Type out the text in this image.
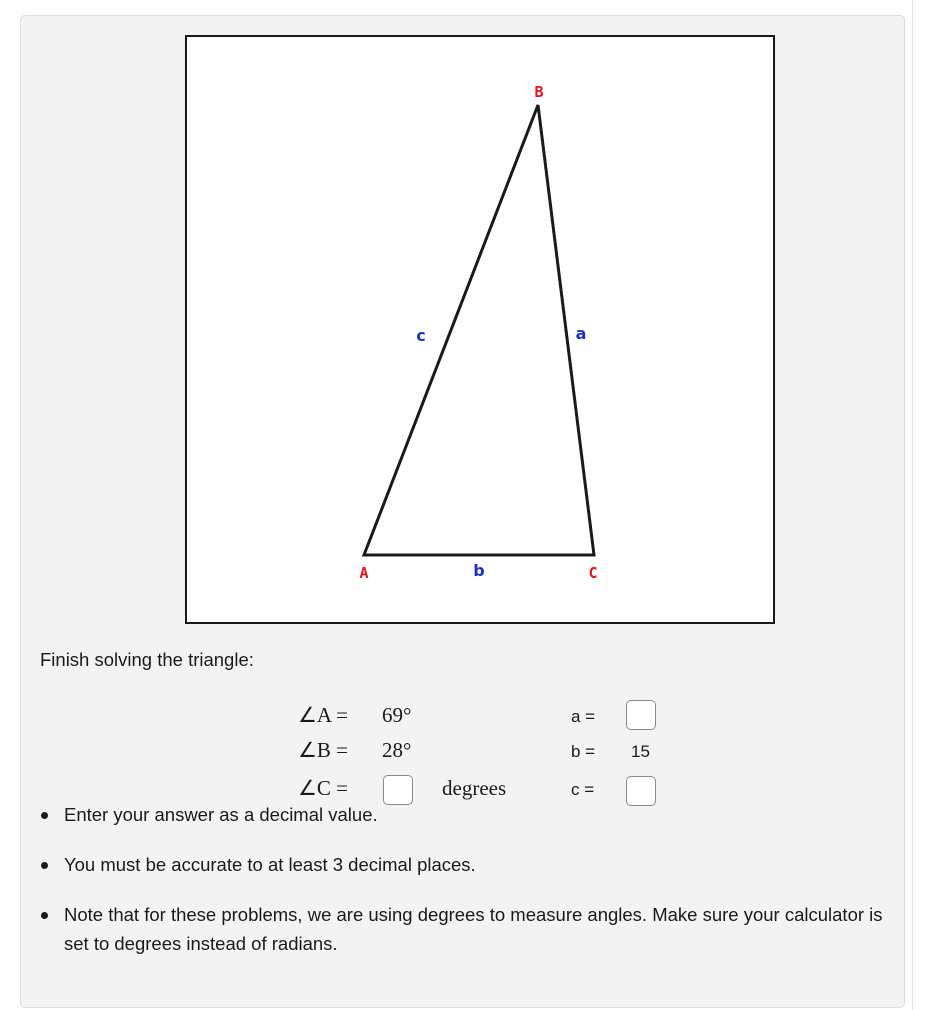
B
A	C
c	a
b
Finish solving the triangle:
∠A = 69°
∠B = 28°
∠C =	degrees
a =
b = 15
c =
Enter your answer as a decimal value.
You must be accurate to at least 3 decimal places.
Note that for these problems, we are using degrees to measure angles. Make sure your calculator is set to degrees instead of radians.
